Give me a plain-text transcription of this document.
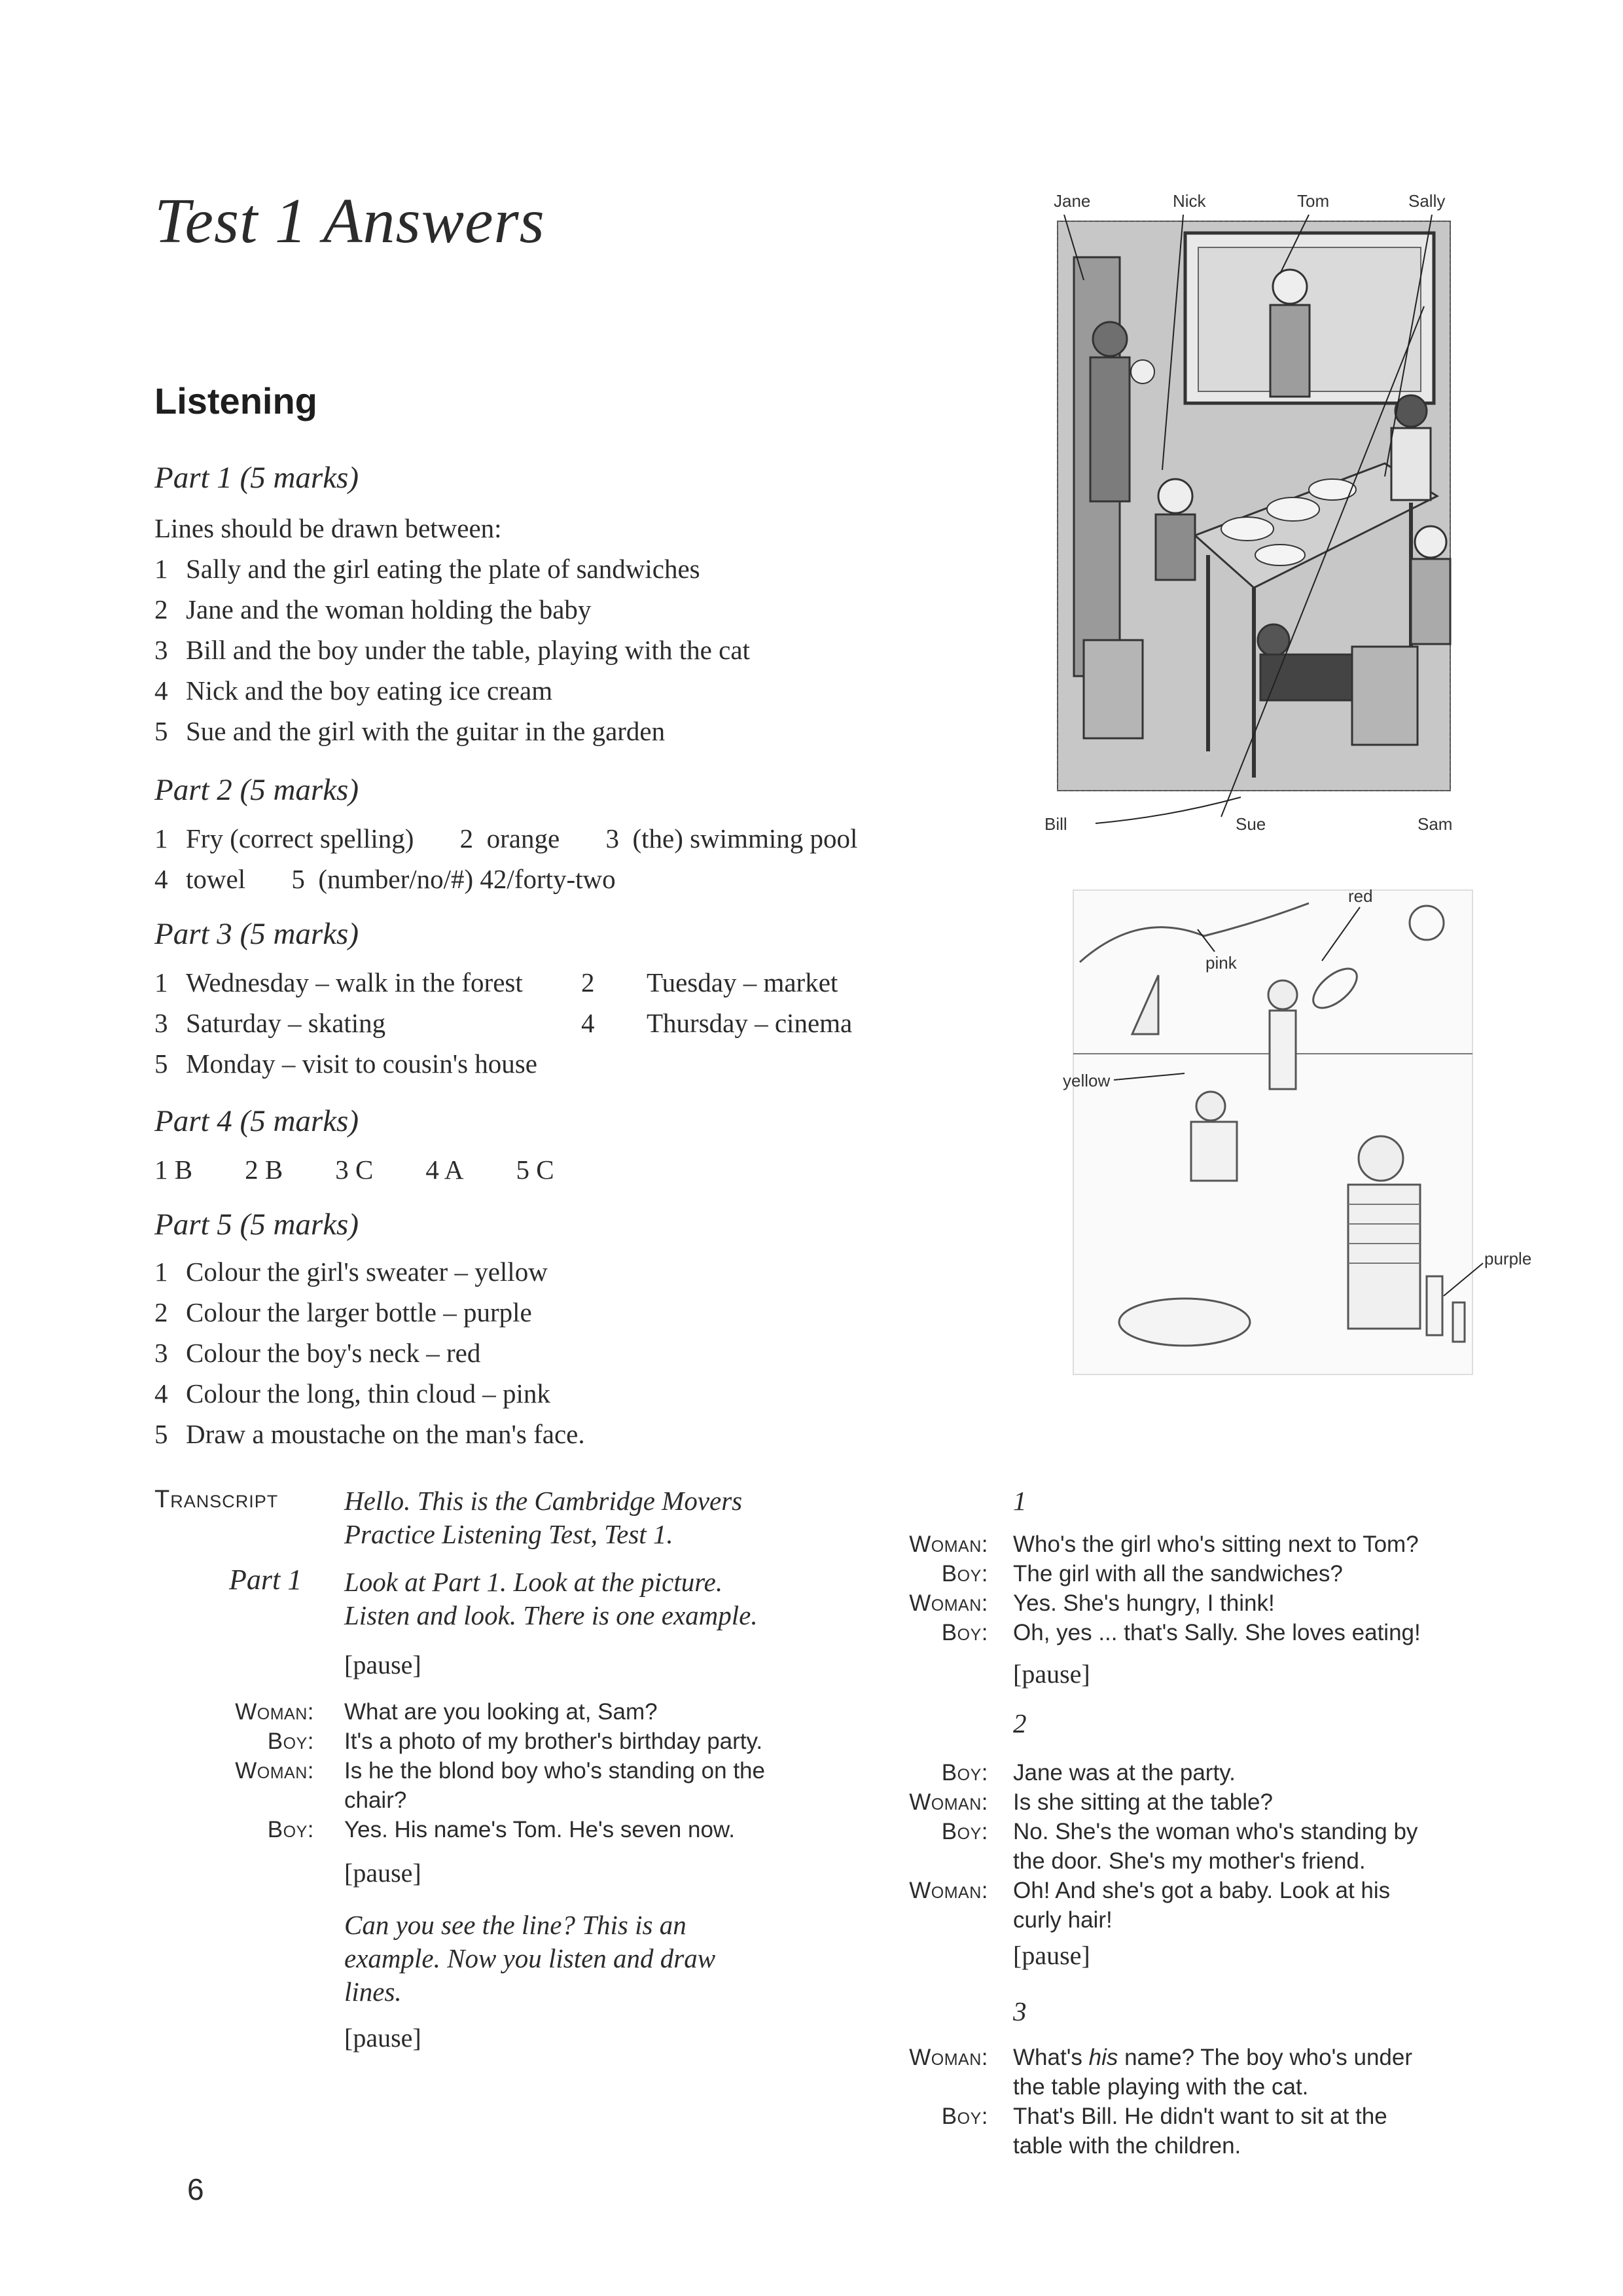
Test 1 Answers
Listening
Part 1 (5 marks)
Lines should be drawn between:
1 Sally and the girl eating the plate of sandwiches
2 Jane and the woman holding the baby
3 Bill and the boy under the table, playing with the cat
4 Nick and the boy eating ice cream
5 Sue and the girl with the guitar in the garden
Part 2 (5 marks)
1 Fry (correct spelling) 2 orange 3 (the) swimming pool
4 towel 5 (number/no/#) 42/forty-two
Part 3 (5 marks)
1 Wednesday – walk in the forest 2 Tuesday – market
3 Saturday – skating	4 Thursday – cinema
5 Monday – visit to cousin's house
Part 4 (5 marks)
1 B 2 B 3 C 4 A 5 C
Part 5 (5 marks)
1 Colour the girl's sweater – yellow
2 Colour the larger bottle – purple
3 Colour the boy's neck – red
4 Colour the long, thin cloud – pink
5 Draw a moustache on the man's face.
Transcript Hello. This is the Cambridge Movers
Practice Listening Test, Test 1.
Part 1 Look at Part 1. Look at the picture.
Listen and look. There is one example.
[pause]
Woman: What are you looking at, Sam?
Boy: It's a photo of my brother's birthday party.
Woman: Is he the blond boy who's standing on the
chair?
Boy: Yes. His name's Tom. He's seven now.
[pause]
Can you see the line? This is an
example. Now you listen and draw
lines.
[pause]
1
Woman: Who's the girl who's sitting next to Tom?
Boy: The girl with all the sandwiches?
Woman: Yes. She's hungry, I think!
Boy: Oh, yes ... that's Sally. She loves eating!
[pause]
2
Boy: Jane was at the party.
Woman: Is she sitting at the table?
Boy: No. She's the woman who's standing by
the door. She's my mother's friend.
Woman: Oh! And she's got a baby. Look at his
curly hair!
[pause]
3
Woman: What's his name? The boy who's under
the table playing with the cat.
Boy: That's Bill. He didn't want to sit at the
table with the children.
6
Jane	Nick	Tom	Sally
Bill	Sue	Sam
red
pink
yellow
purple
